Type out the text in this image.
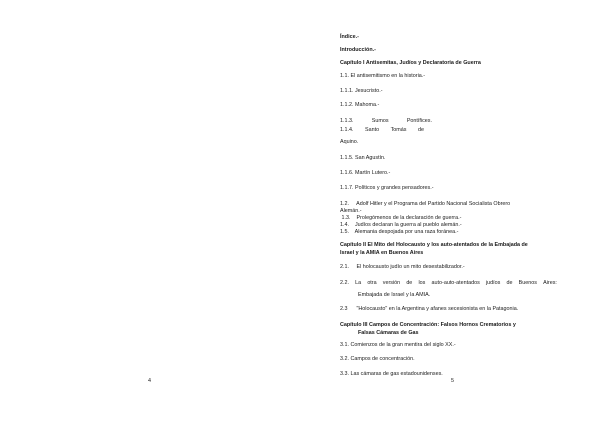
Índice.-
Introducción.-
Capítulo I Antisemitas, Judíos y Declaratoria de Guerra
1.1. El antisemitismo en la historia.-
1.1.1. Jesucristo.-
1.1.2. Mahoma.-
1.1.3.	Sumos	Pontífices.
1.1.4. Santo Tomás de
Aquino.
1.1.5. San Agustín.
1.1.6. Martín Lutero.-
1.1.7. Políticos y grandes pensadores.-
1.2.     Adolf Hitler y el Programa del Partido Nacional Socialista Obrero
Alemán.-
1.3.    Prolegómenos de la declaración de guerra.-
1.4.    Judíos declaran la guerra al pueblo alemán.-
1.5.    Alemania despojada por una raza foránea.-
Capítulo II El Mito del Holocausto y los auto-atentados de la Embajada de
Israel y la AMIA en Buenos Aires
2.1.     El holocausto judío un mito desestabilizador.-
2.2. La otra versión de los auto-auto-atentados judíos de Buenos Aires:
Embajada de Israel y la AMIA.
2.3      "Holocausto" en la Argentina y afanes secesionista en la Patagonia.
Capítulo III Campos de Concentración: Falsos Hornos Crematorios y
Falsas Cámaras de Gas
3.1. Comienzos de la gran mentira del siglo XX.-
3.2. Campos de concentración.
3.3. Las cámaras de gas estadounidenses.
4	5
